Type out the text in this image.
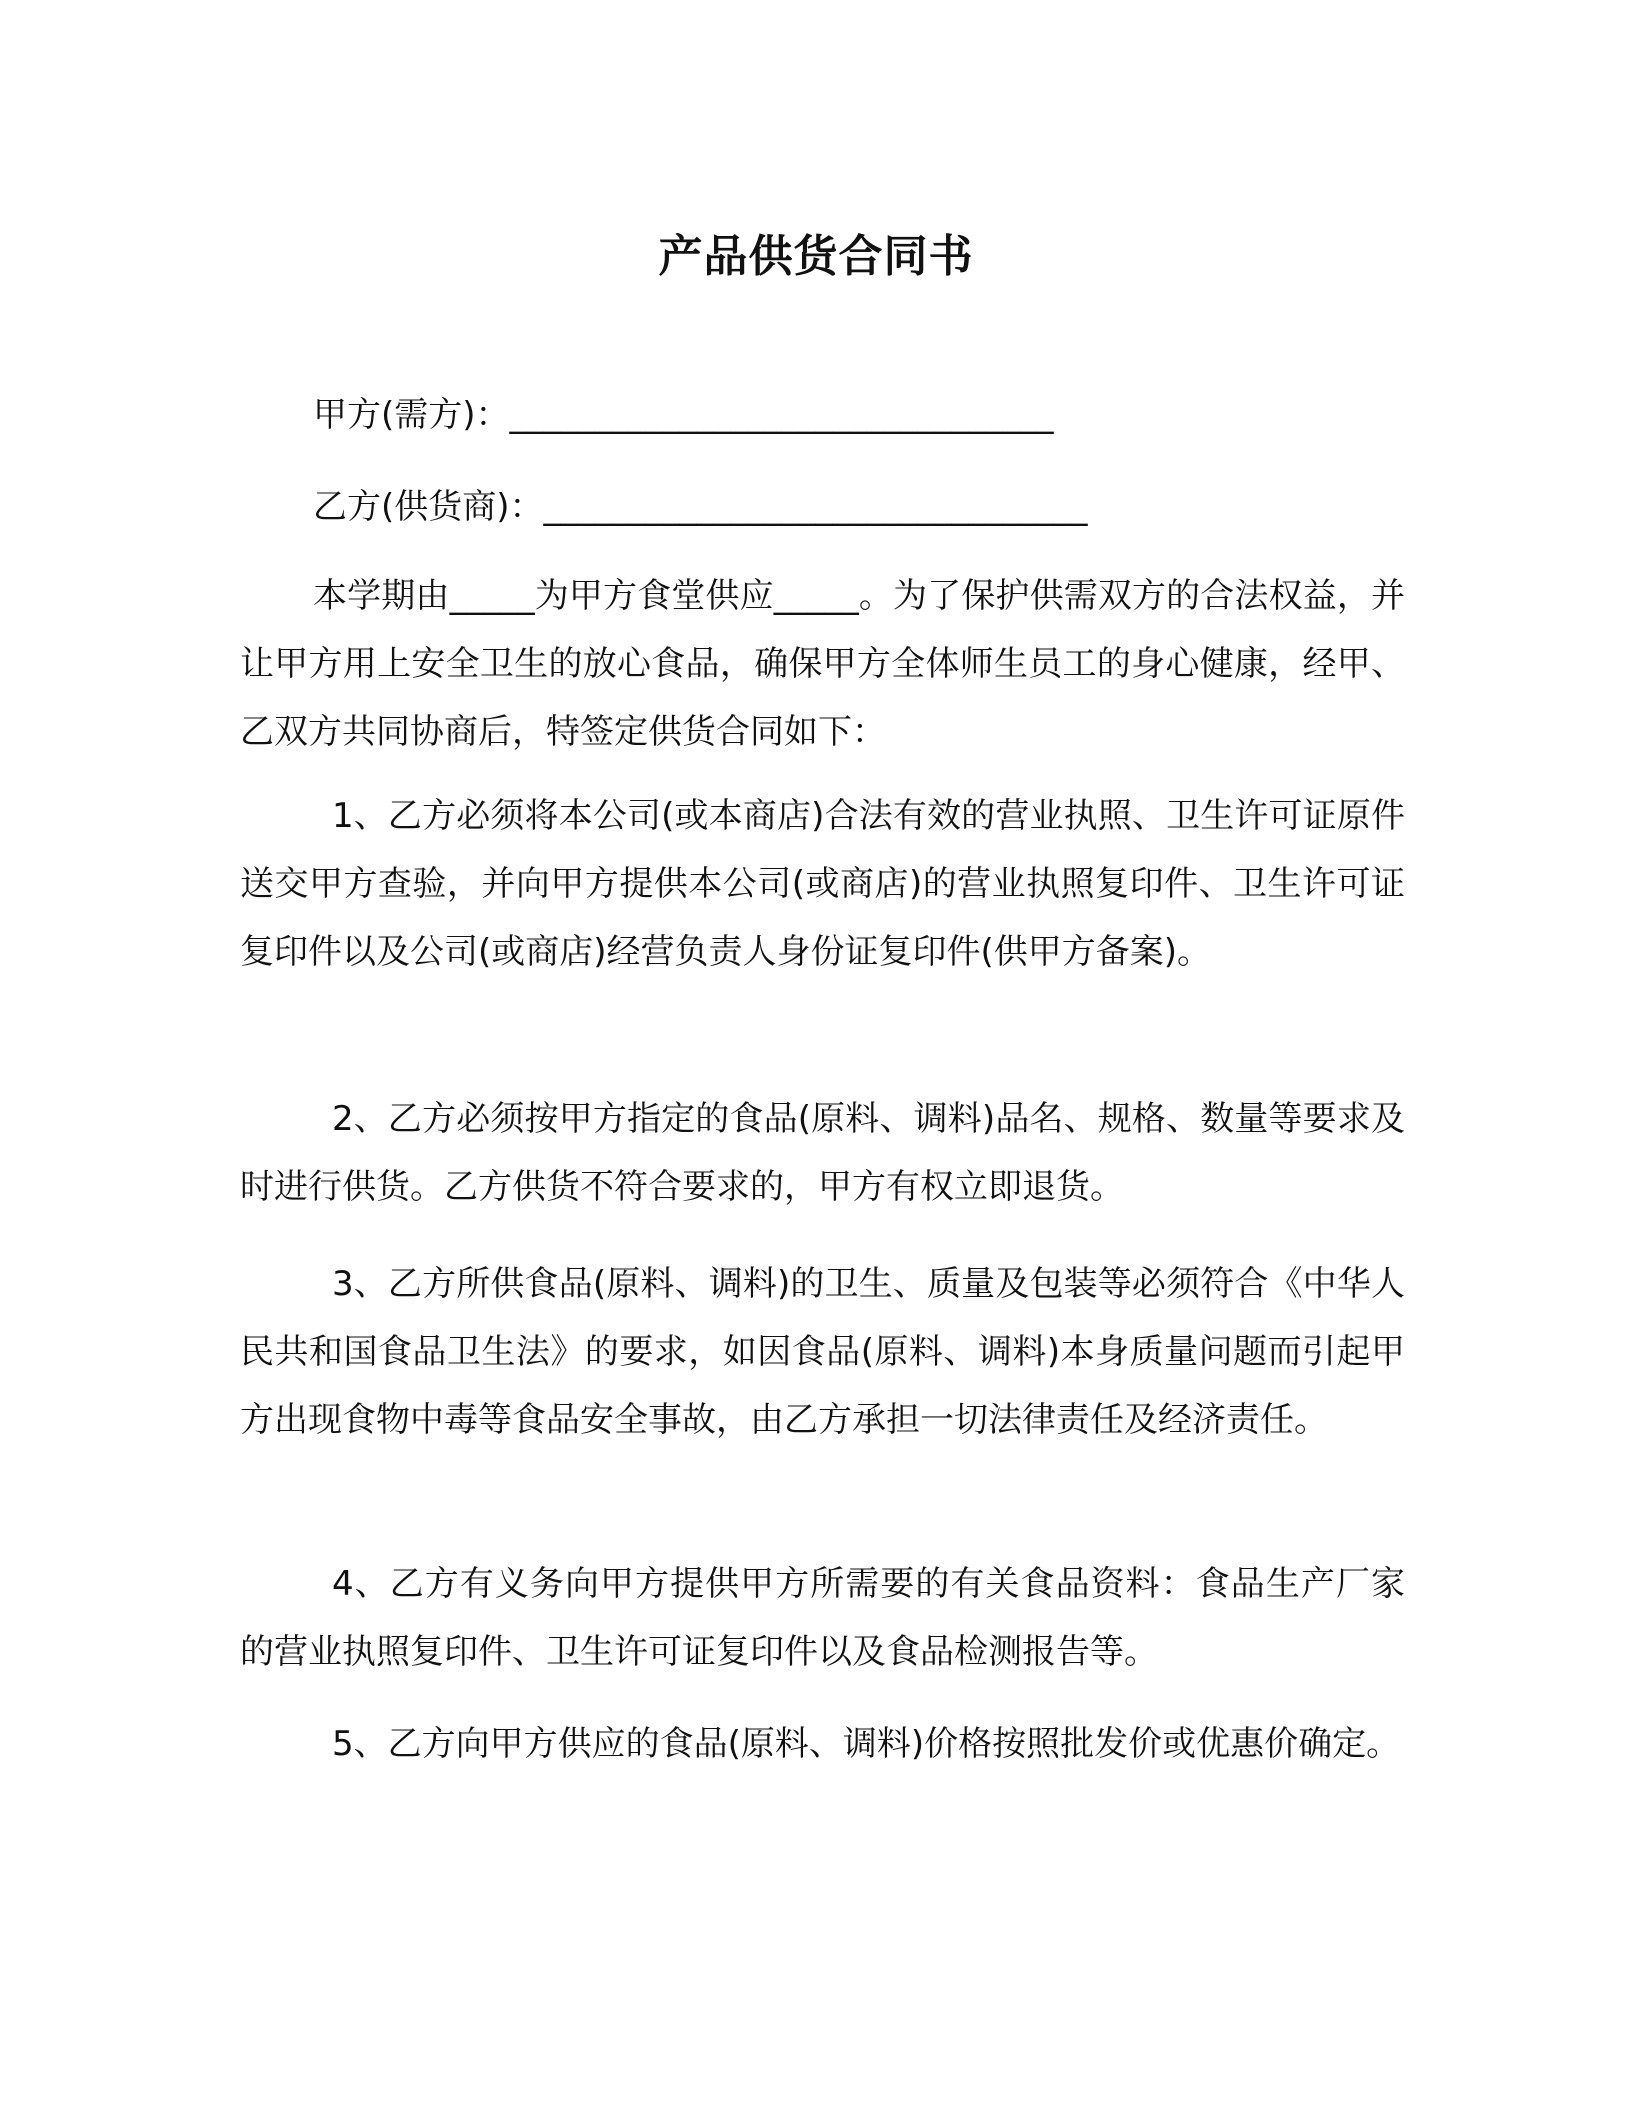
产品供货合同书
甲方(需方)：________________________________
乙方(供货商)：________________________________
本学期由_____为甲方食堂供应_____。为了保护供需双方的合法权益，并让甲方用上安全卫生的放心食品，确保甲方全体师生员工的身心健康，经甲、乙双方共同协商后，特签定供货合同如下：
1、乙方必须将本公司(或本商店)合法有效的营业执照、卫生许可证原件送交甲方查验，并向甲方提供本公司(或商店)的营业执照复印件、卫生许可证复印件以及公司(或商店)经营负责人身份证复印件(供甲方备案)。
2、乙方必须按甲方指定的食品(原料、调料)品名、规格、数量等要求及时进行供货。乙方供货不符合要求的，甲方有权立即退货。
3、乙方所供食品(原料、调料)的卫生、质量及包装等必须符合《中华人民共和国食品卫生法》的要求，如因食品(原料、调料)本身质量问题而引起甲方出现食物中毒等食品安全事故，由乙方承担一切法律责任及经济责任。
4、乙方有义务向甲方提供甲方所需要的有关食品资料：食品生产厂家的营业执照复印件、卫生许可证复印件以及食品检测报告等。
5、乙方向甲方供应的食品(原料、调料)价格按照批发价或优惠价确定。
